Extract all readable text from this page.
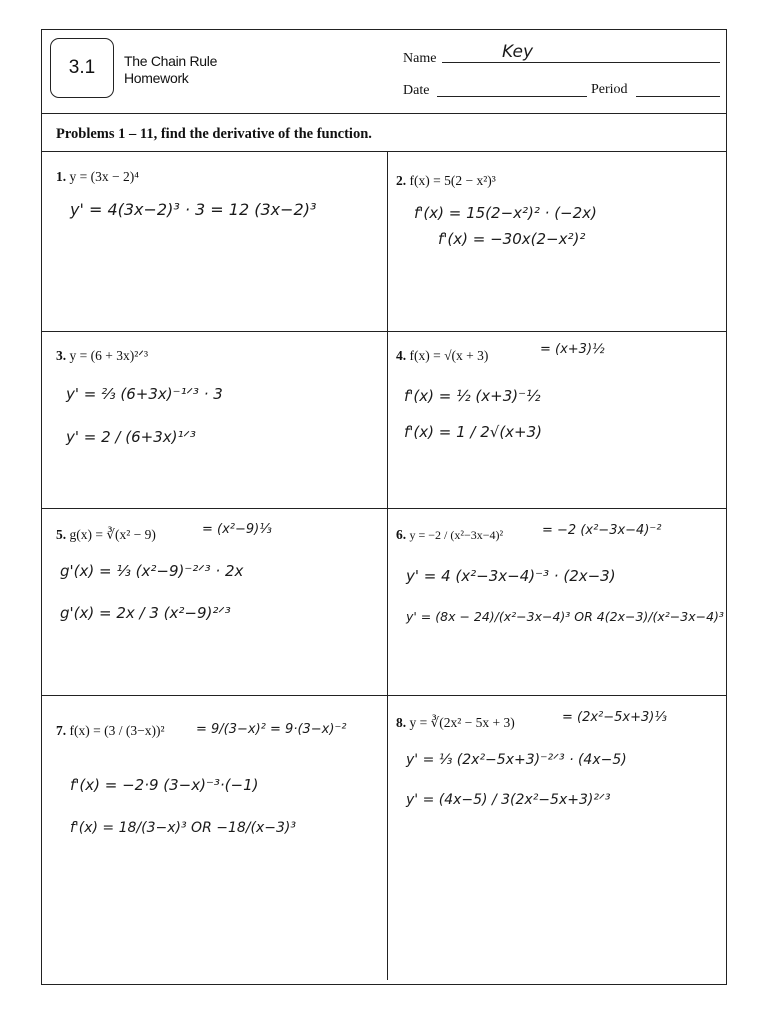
3.1	The Chain Rule
Homework
Name	Key
Date	Period
Problems 1 – 11, find the derivative of the function.
1. y = (3x − 2)⁴
y' = 4(3x−2)³ · 3 = 12 (3x−2)³
2. f(x) = 5(2 − x²)³
f'(x) = 15(2−x²)² · (−2x)
f'(x) = −30x(2−x²)²
3. y = (6 + 3x)²ᐟ³
y' = ⅔ (6+3x)⁻¹ᐟ³ · 3
y' = 2 / (6+3x)¹ᐟ³
4. f(x) = √(x + 3)	= (x+3)½
f'(x) = ½ (x+3)⁻½
f'(x) = 1 / 2√(x+3)
5. g(x) = ∛(x² − 9)	= (x²−9)⅓
g'(x) = ⅓ (x²−9)⁻²ᐟ³ · 2x
g'(x) = 2x / 3 (x²−9)²ᐟ³
6. y = −2 / (x²−3x−4)²	= −2 (x²−3x−4)⁻²
y' = 4 (x²−3x−4)⁻³ · (2x−3)
y' = (8x − 24)/(x²−3x−4)³ OR 4(2x−3)/(x²−3x−4)³
7. f(x) = (3 / (3−x))² = 9/(3−x)² = 9·(3−x)⁻²
f'(x) = −2·9 (3−x)⁻³·(−1)
f'(x) = 18/(3−x)³ OR −18/(x−3)³
8. y = ∛(2x² − 5x + 3)	= (2x²−5x+3)⅓
y' = ⅓ (2x²−5x+3)⁻²ᐟ³ · (4x−5)
y' = (4x−5) / 3(2x²−5x+3)²ᐟ³
